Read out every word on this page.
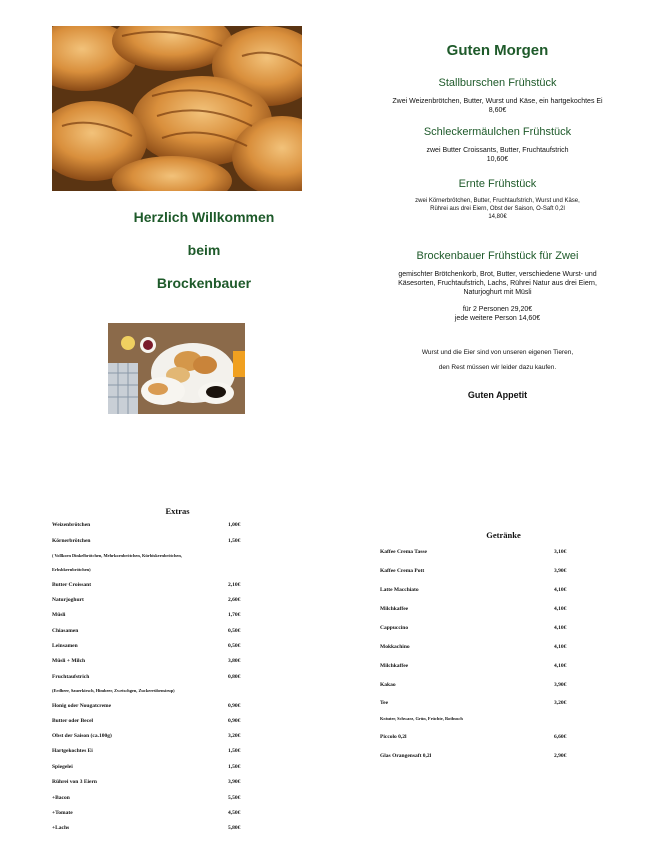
Herzlich Willkommen
beim
Brockenbauer
Guten Morgen
Stallburschen Frühstück
Zwei Weizenbrötchen, Butter, Wurst und Käse, ein hartgekochtes Ei
8,60€
Schleckermäulchen Frühstück
zwei Butter Croissants, Butter, Fruchtaufstrich
10,60€
Ernte Frühstück
zwei Körnerbrötchen, Butter, Fruchtaufstrich, Wurst und Käse,
Rührei aus drei Eiern, Obst der Saison, O-Saft 0,2l
14,80€
Brockenbauer Frühstück für Zwei
gemischter Brötchenkorb, Brot, Butter, verschiedene Wurst- und
Käsesorten, Fruchtaufstrich, Lachs, Rührei Natur aus drei Eiern,
Naturjoghurt mit Müsli
für 2 Personen 29,20€
jede weitere Person 14,60€
Wurst und die Eier sind von unseren eigenen Tieren,
den Rest müssen wir leider dazu kaufen.
Guten Appetit
Extras
Weizenbrötchen	1,00€
Körnerbrötchen	1,50€
Butter Croissant	2,10€
Naturjoghurt	2,60€
Müsli	1,70€
Chiasamen	0,50€
Leinsamen	0,50€
Müsli + Milch	3,80€
Fruchtaufstrich	0,80€
Honig oder Nougatcreme	0,90€
Butter oder Becel	0,90€
Obst der Saison (ca.100g)	3,20€
Hartgekochtes Ei	1,50€
Spiegelei	1,50€
Rührei von 3 Eiern	3,90€
+Bacon	5,50€
+Tomate	4,50€
+Lachs	5,80€
( Vollkorn Dinkelbrötchen, Mehrkornbrötchen, Kürbiskernbrötchen,
Erbsbkernbrötchen)
(Erdbeer, Sauerkirsch, Himbeer, Zwetschgen, Zuckerrübensirup)
Getränke
Kaffee Crema Tasse	3,10€
Kaffee Crema Pott	3,90€
Latte Macchiato	4,10€
Milchkaffee	4,10€
Cappuccino	4,10€
Mokkachino	4,10€
Milchkaffee	4,10€
Kakao	3,90€
Tee	3,20€
Piccolo 0,2l	6,60€
Glas Orangensaft 0,2l	2,90€
Kräuter, Schwarz, Grün, Früchte, Rotbusch
